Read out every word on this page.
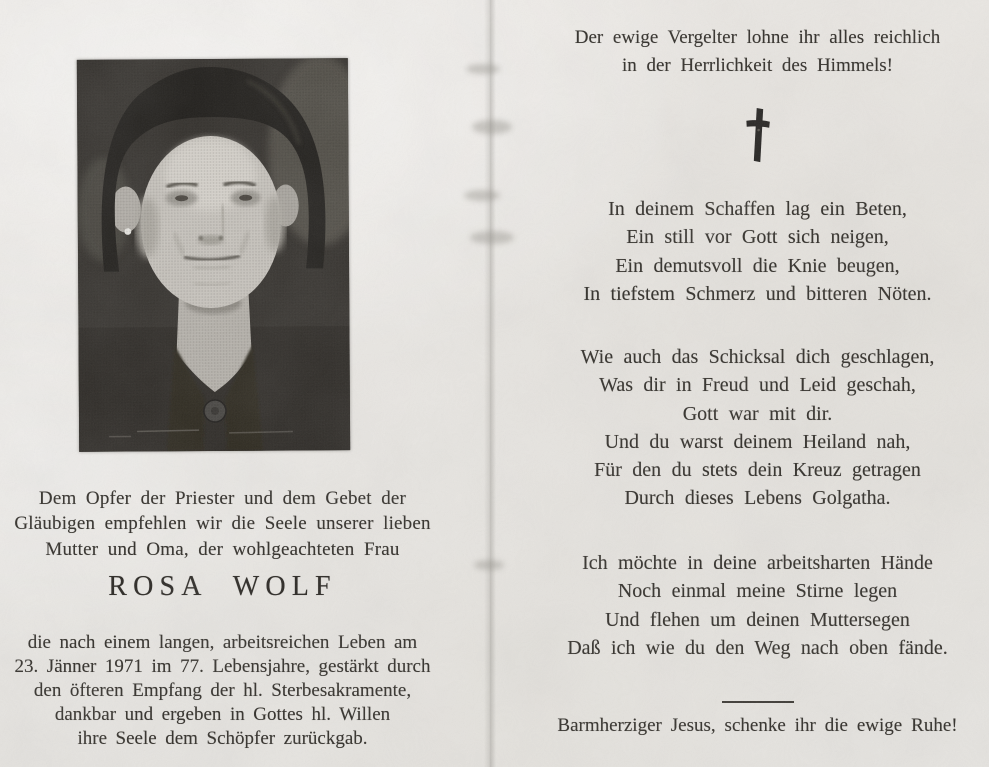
Dem Opfer der Priester und dem Gebet der
Gläubigen empfehlen wir die Seele unserer lieben
Mutter und Oma, der wohlgeachteten Frau
ROSA WOLF
die nach einem langen, arbeitsreichen Leben am
23. Jänner 1971 im 77. Lebensjahre, gestärkt durch
den öfteren Empfang der hl. Sterbesakramente,
dankbar und ergeben in Gottes hl. Willen
ihre Seele dem Schöpfer zurückgab.
Der ewige Vergelter lohne ihr alles reichlich
in der Herrlichkeit des Himmels!
In deinem Schaffen lag ein Beten,
Ein still vor Gott sich neigen,
Ein demutsvoll die Knie beugen,
In tiefstem Schmerz und bitteren Nöten.
Wie auch das Schicksal dich geschlagen,
Was dir in Freud und Leid geschah,
Gott war mit dir.
Und du warst deinem Heiland nah,
Für den du stets dein Kreuz getragen
Durch dieses Lebens Golgatha.
Ich möchte in deine arbeitsharten Hände
Noch einmal meine Stirne legen
Und flehen um deinen Muttersegen
Daß ich wie du den Weg nach oben fände.
Barmherziger Jesus, schenke ihr die ewige Ruhe!
